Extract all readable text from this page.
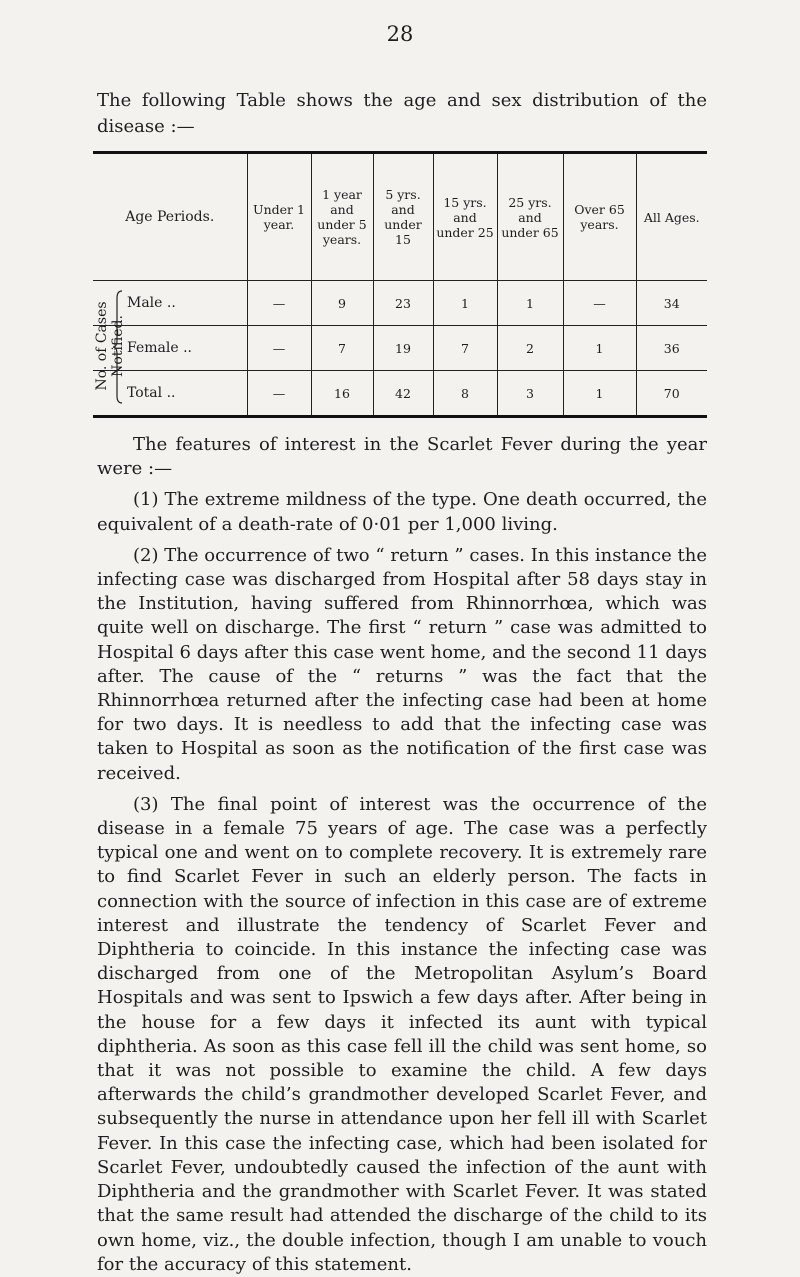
28

The following Table shows the age and sex distribution of the disease :—

Age Periods.	Under 1 year.	1 year and under 5 years.	5 yrs. and under 15	15 yrs. and under 25	25 yrs. and under 65	Over 65 years.	All Ages.
Male ..	—	9	23	1	1	—	34
Female ..	—	7	19	7	2	1	36
Total ..	—	16	42	8	3	1	70
No. of Cases
Notified.

The features of interest in the Scarlet Fever during the year were :—

(1) The extreme mildness of the type. One death occurred, the equivalent of a death-rate of 0·01 per 1,000 living.

(2) The occurrence of two “ return ” cases. In this instance the infecting case was discharged from Hospital after 58 days stay in the Institution, having suffered from Rhinnorrhœa, which was quite well on discharge. The first “ return ” case was admitted to Hospital 6 days after this case went home, and the second 11 days after. The cause of the “ returns ” was the fact that the Rhinnorrhœa returned after the infecting case had been at home for two days. It is needless to add that the infecting case was taken to Hospital as soon as the notification of the first case was received.

(3) The final point of interest was the occurrence of the disease in a female 75 years of age. The case was a perfectly typical one and went on to complete recovery. It is extremely rare to find Scarlet Fever in such an elderly person. The facts in connection with the source of infection in this case are of extreme interest and illustrate the tendency of Scarlet Fever and Diphtheria to coincide. In this instance the infecting case was discharged from one of the Metropolitan Asylum’s Board Hospitals and was sent to Ipswich a few days after. After being in the house for a few days it infected its aunt with typical diphtheria. As soon as this case fell ill the child was sent home, so that it was not possible to examine the child. A few days afterwards the child’s grandmother developed Scarlet Fever, and subsequently the nurse in attendance upon her fell ill with Scarlet Fever. In this case the infecting case, which had been isolated for Scarlet Fever, undoubtedly caused the infection of the aunt with Diphtheria and the grandmother with Scarlet Fever. It was stated that the same result had attended the discharge of the child to its own home, viz., the double infection, though I am unable to vouch for the accuracy of this statement.
